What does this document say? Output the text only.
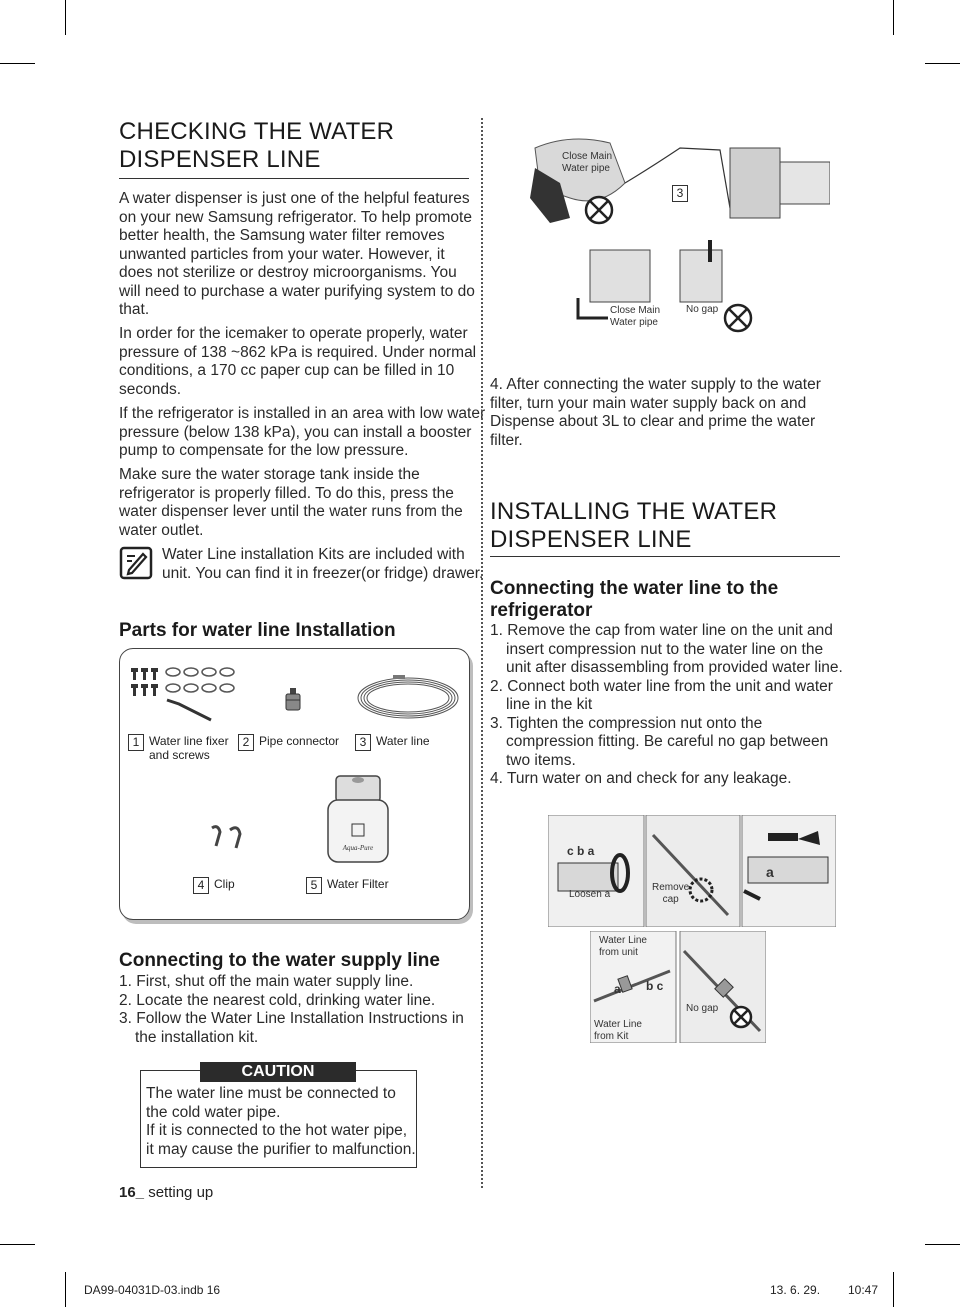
CHECKING THE WATER
DISPENSER LINE
A water dispenser is just one of the helpful features
on your new Samsung refrigerator. To help promote
better health, the Samsung water filter removes
unwanted particles from your water. However, it
does not sterilize or destroy microorganisms. You
will need to purchase a water purifying system to do
that.
In order for the icemaker to operate properly, water
pressure of 138 ~862 kPa is required. Under normal
conditions, a 170 cc paper cup can be filled in 10
seconds.
If the refrigerator is installed in an area with low water
pressure (below 138 kPa), you can install a booster
pump to compensate for the low pressure.
Make sure the water storage tank inside the
refrigerator is properly filled. To do this, press the
water dispenser lever until the water runs from the
water outlet.
Water Line installation Kits are included with
unit. You can find it in freezer(or fridge) drawer.
Parts for water line Installation
1 Water line fixer
and screws
2 Pipe connector	3 Water line
Aqua-Pure
4 Clip	5 Water Filter
Connecting to the water supply line
1. First, shut off the main water supply line.
2. Locate the nearest cold, drinking water line.
3. Follow the Water Line Installation Instructions in
the installation kit.
CAUTION
The water line must be connected to
the cold water pipe.
If it is connected to the hot water pipe,
it may cause the purifier to malfunction.
16_ setting up
Close Main
Water pipe
3
Close Main
Water pipe
No gap
4. After connecting the water supply to the water
filter, turn your main water supply back on and
Dispense about 3L to clear and prime the water
filter.
INSTALLING THE WATER
DISPENSER LINE
Connecting the water line to the
refrigerator
1. Remove the cap from water line on the unit and
insert compression nut to the water line on the
unit after disassembling from provided water line.
2. Connect both water line from the unit and water
line in the kit
3. Tighten the compression nut onto the
compression fitting. Be careful no gap between
two items.
4. Turn water on and check for any leakage.
c b a
Loosen a
Remove
cap
a
Water Line
from unit
a b c
Water Line
from Kit
No gap
DA99-04031D-03.indb 16	13. 6. 29. 10:47
